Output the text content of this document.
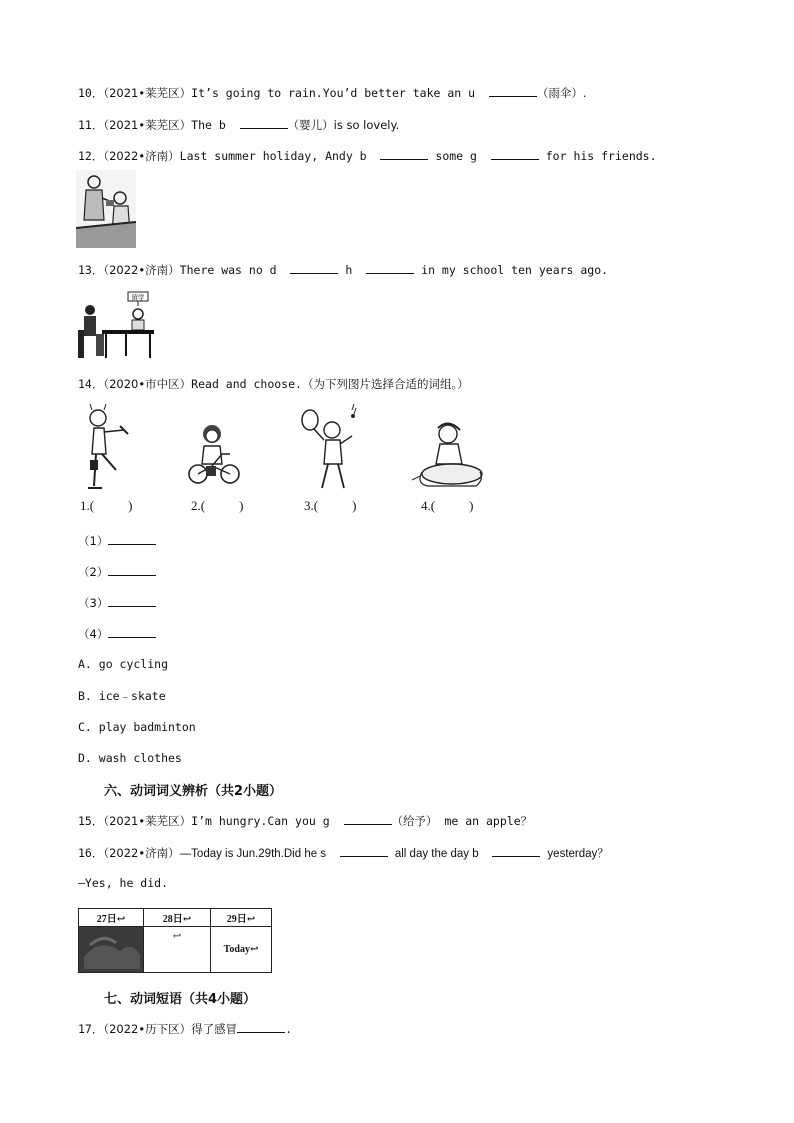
10．（2021•莱芜区）It’s going to rain.You’d better take an u	（雨伞）.
11．（2021•莱芜区）The b	（婴儿）is so lovely.
12．（2022•济南）Last summer holiday, Andy b	some g	for his friends.
13．（2022•济南）There was no d	h	in my school ten years ago.
留学
14．（2020•市中区）Read and choose.（为下列图片选择合适的词组。）
1.(	)	2.(	)	3.(	)	4.(	)
（1）
（2）
（3）
（4）
A. go cycling
B. ice﹣skate
C. play badminton
D. wash clothes
六、动词词义辨析（共2小题）
15．（2021•莱芜区）I’m hungry.Can you g	（给予） me an apple？
16．（2022•济南）—Today is Jun.29th.Did he s	all day the day b	yesterday？
—Yes, he did.
27日↩	28日↩	29日↩
	↩	Today↩
七、动词短语（共4小题）
17．（2022•历下区）得了感冒	.
